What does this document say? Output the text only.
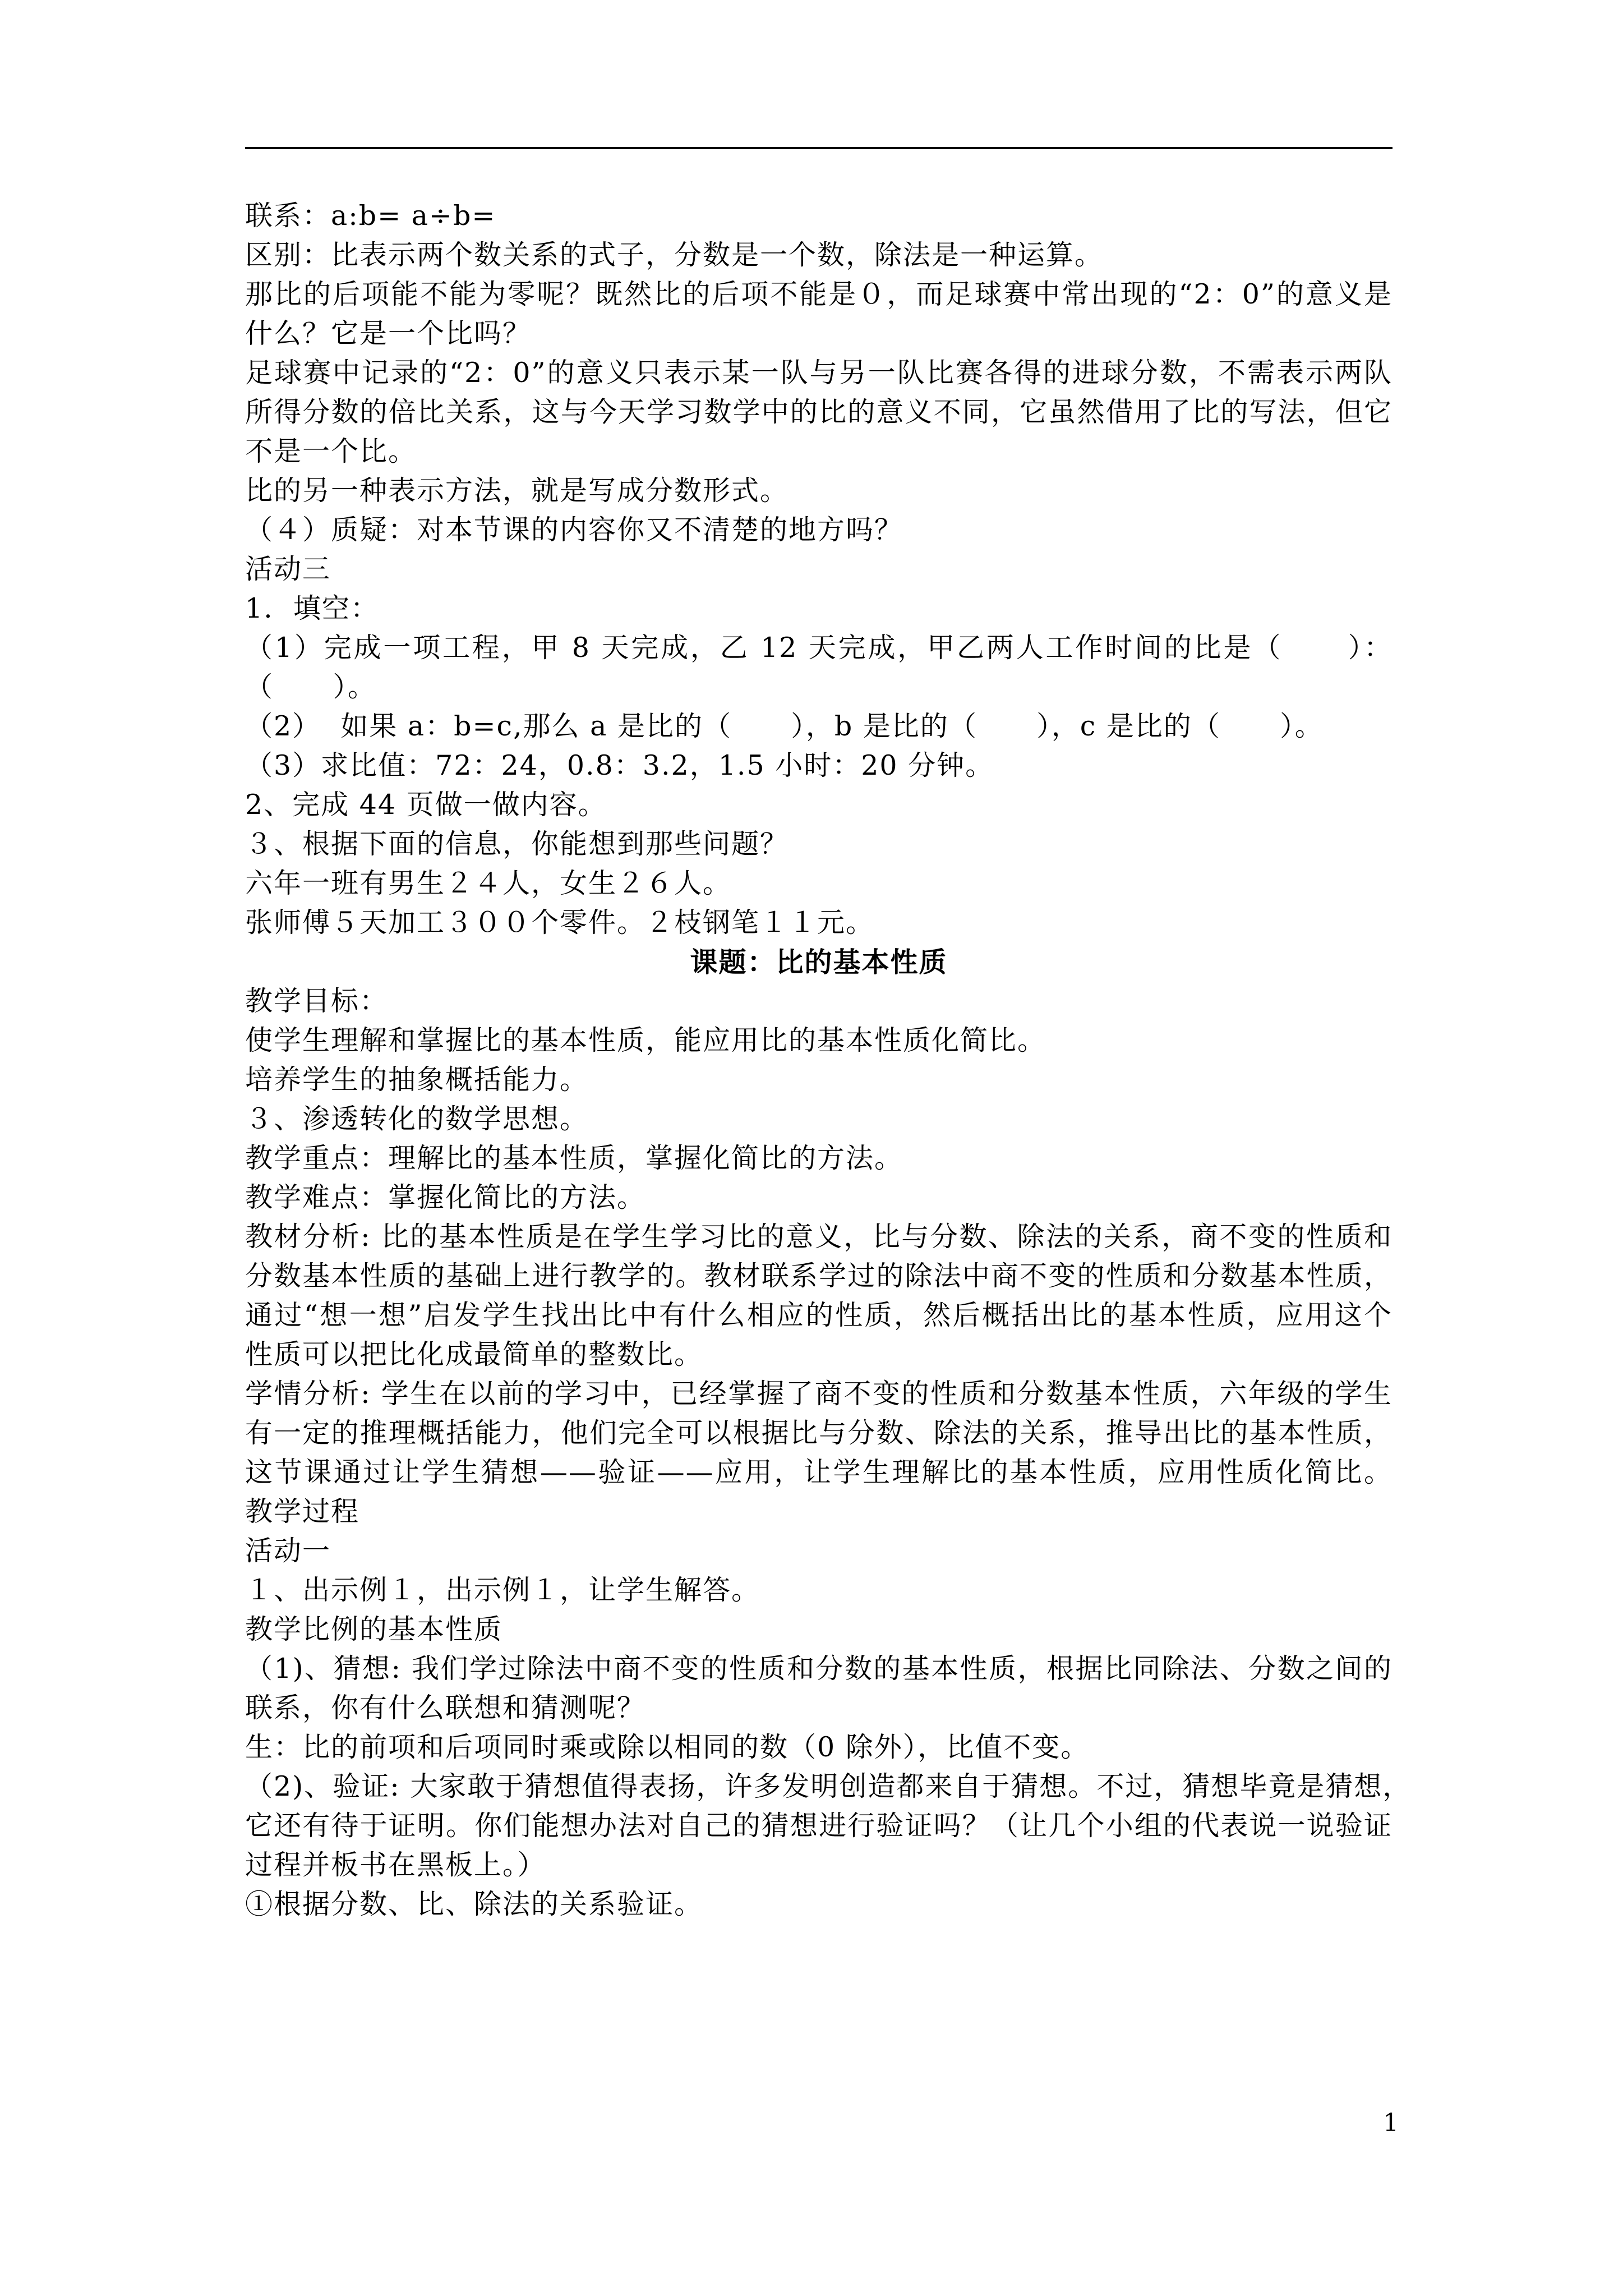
联系：a:b= a÷b=
区别：比表示两个数关系的式子，分数是一个数，除法是一种运算。
那比的后项能不能为零呢？既然比的后项不能是０，而足球赛中常出现的“2：0”的意义是
什么？它是一个比吗？
足球赛中记录的“2：0”的意义只表示某一队与另一队比赛各得的进球分数，不需表示两队
所得分数的倍比关系，这与今天学习数学中的比的意义不同，它虽然借用了比的写法，但它
不是一个比。
比的另一种表示方法，就是写成分数形式。
（４）质疑：对本节课的内容你又不清楚的地方吗？
活动三
1.  填空：
（1）完成一项工程，甲 8 天完成，乙 12 天完成，甲乙两人工作时间的比是（      ）：
（      ）。
（2）  如果 a：b=c,那么 a 是比的（      ），b 是比的（      ），c 是比的（      ）。
（3）求比值：72：24，0.8：3.2，1.5 小时：20 分钟。
2、完成 44 页做一做内容。
３、根据下面的信息，你能想到那些问题？
六年一班有男生２４人，女生２６人。
张师傅５天加工３００个零件。２枝钢笔１１元。
课题：比的基本性质
教学目标：
使学生理解和掌握比的基本性质，能应用比的基本性质化简比。
培养学生的抽象概括能力。
３、渗透转化的数学思想。
教学重点：理解比的基本性质，掌握化简比的方法。
教学难点：掌握化简比的方法。
教材分析: 比的基本性质是在学生学习比的意义，比与分数、除法的关系，商不变的性质和
分数基本性质的基础上进行教学的。教材联系学过的除法中商不变的性质和分数基本性质，
通过“想一想”启发学生找出比中有什么相应的性质，然后概括出比的基本性质，应用这个
性质可以把比化成最简单的整数比。
学情分析: 学生在以前的学习中，已经掌握了商不变的性质和分数基本性质，六年级的学生
有一定的推理概括能力，他们完全可以根据比与分数、除法的关系，推导出比的基本性质，
这节课通过让学生猜想——验证——应用，让学生理解比的基本性质，应用性质化简比。
教学过程
活动一
１、出示例１，出示例１，让学生解答。
教学比例的基本性质
（1)、猜想: 我们学过除法中商不变的性质和分数的基本性质，根据比同除法、分数之间的
联系，你有什么联想和猜测呢？
生：比的前项和后项同时乘或除以相同的数（0 除外），比值不变。
（2)、验证: 大家敢于猜想值得表扬，许多发明创造都来自于猜想。不过，猜想毕竟是猜想，
它还有待于证明。你们能想办法对自己的猜想进行验证吗？（让几个小组的代表说一说验证
过程并板书在黑板上。）
①根据分数、比、除法的关系验证。
1
